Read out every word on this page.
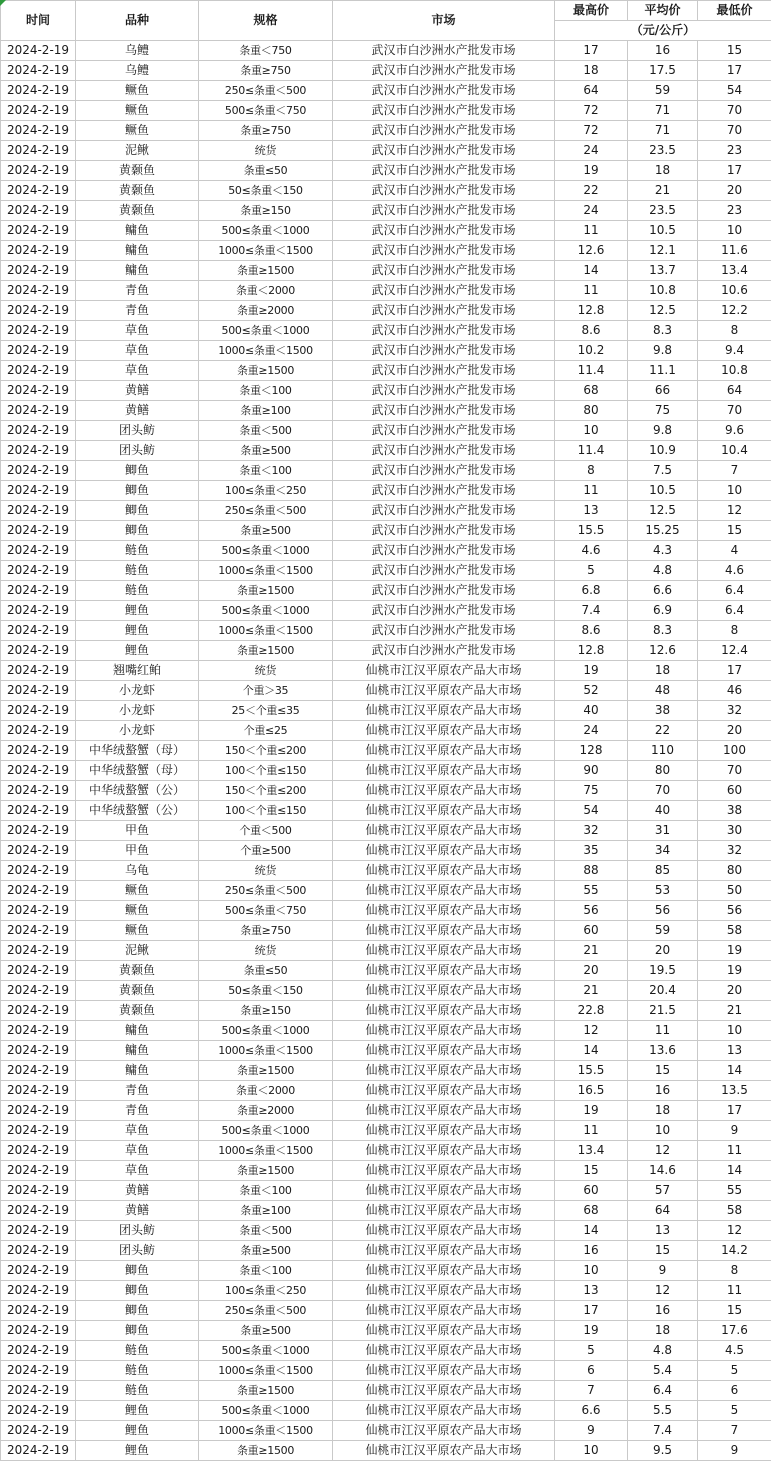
时间	品种	规格	市场	最高价	平均价	最低价
				（元/公斤）		
2024-2-19	乌鳢	条重＜750	武汉市白沙洲水产批发市场	17	16	15
2024-2-19	乌鳢	条重≥750	武汉市白沙洲水产批发市场	18	17.5	17
2024-2-19	鳜鱼	250≤条重＜500	武汉市白沙洲水产批发市场	64	59	54
2024-2-19	鳜鱼	500≤条重＜750	武汉市白沙洲水产批发市场	72	71	70
2024-2-19	鳜鱼	条重≥750	武汉市白沙洲水产批发市场	72	71	70
2024-2-19	泥鳅	统货	武汉市白沙洲水产批发市场	24	23.5	23
2024-2-19	黄颡鱼	条重≤50	武汉市白沙洲水产批发市场	19	18	17
2024-2-19	黄颡鱼	50≤条重＜150	武汉市白沙洲水产批发市场	22	21	20
2024-2-19	黄颡鱼	条重≥150	武汉市白沙洲水产批发市场	24	23.5	23
2024-2-19	鳙鱼	500≤条重＜1000	武汉市白沙洲水产批发市场	11	10.5	10
2024-2-19	鳙鱼	1000≤条重＜1500	武汉市白沙洲水产批发市场	12.6	12.1	11.6
2024-2-19	鳙鱼	条重≥1500	武汉市白沙洲水产批发市场	14	13.7	13.4
2024-2-19	青鱼	条重＜2000	武汉市白沙洲水产批发市场	11	10.8	10.6
2024-2-19	青鱼	条重≥2000	武汉市白沙洲水产批发市场	12.8	12.5	12.2
2024-2-19	草鱼	500≤条重＜1000	武汉市白沙洲水产批发市场	8.6	8.3	8
2024-2-19	草鱼	1000≤条重＜1500	武汉市白沙洲水产批发市场	10.2	9.8	9.4
2024-2-19	草鱼	条重≥1500	武汉市白沙洲水产批发市场	11.4	11.1	10.8
2024-2-19	黄鳝	条重＜100	武汉市白沙洲水产批发市场	68	66	64
2024-2-19	黄鳝	条重≥100	武汉市白沙洲水产批发市场	80	75	70
2024-2-19	团头鲂	条重＜500	武汉市白沙洲水产批发市场	10	9.8	9.6
2024-2-19	团头鲂	条重≥500	武汉市白沙洲水产批发市场	11.4	10.9	10.4
2024-2-19	鲫鱼	条重＜100	武汉市白沙洲水产批发市场	8	7.5	7
2024-2-19	鲫鱼	100≤条重＜250	武汉市白沙洲水产批发市场	11	10.5	10
2024-2-19	鲫鱼	250≤条重＜500	武汉市白沙洲水产批发市场	13	12.5	12
2024-2-19	鲫鱼	条重≥500	武汉市白沙洲水产批发市场	15.5	15.25	15
2024-2-19	鲢鱼	500≤条重＜1000	武汉市白沙洲水产批发市场	4.6	4.3	4
2024-2-19	鲢鱼	1000≤条重＜1500	武汉市白沙洲水产批发市场	5	4.8	4.6
2024-2-19	鲢鱼	条重≥1500	武汉市白沙洲水产批发市场	6.8	6.6	6.4
2024-2-19	鲤鱼	500≤条重＜1000	武汉市白沙洲水产批发市场	7.4	6.9	6.4
2024-2-19	鲤鱼	1000≤条重＜1500	武汉市白沙洲水产批发市场	8.6	8.3	8
2024-2-19	鲤鱼	条重≥1500	武汉市白沙洲水产批发市场	12.8	12.6	12.4
2024-2-19	翘嘴红鲌	统货	仙桃市江汉平原农产品大市场	19	18	17
2024-2-19	小龙虾	个重＞35	仙桃市江汉平原农产品大市场	52	48	46
2024-2-19	小龙虾	25＜个重≤35	仙桃市江汉平原农产品大市场	40	38	32
2024-2-19	小龙虾	个重≤25	仙桃市江汉平原农产品大市场	24	22	20
2024-2-19	中华绒螯蟹（母）	150＜个重≤200	仙桃市江汉平原农产品大市场	128	110	100
2024-2-19	中华绒螯蟹（母）	100＜个重≤150	仙桃市江汉平原农产品大市场	90	80	70
2024-2-19	中华绒螯蟹（公）	150＜个重≤200	仙桃市江汉平原农产品大市场	75	70	60
2024-2-19	中华绒螯蟹（公）	100＜个重≤150	仙桃市江汉平原农产品大市场	54	40	38
2024-2-19	甲鱼	个重＜500	仙桃市江汉平原农产品大市场	32	31	30
2024-2-19	甲鱼	个重≥500	仙桃市江汉平原农产品大市场	35	34	32
2024-2-19	乌龟	统货	仙桃市江汉平原农产品大市场	88	85	80
2024-2-19	鳜鱼	250≤条重＜500	仙桃市江汉平原农产品大市场	55	53	50
2024-2-19	鳜鱼	500≤条重＜750	仙桃市江汉平原农产品大市场	56	56	56
2024-2-19	鳜鱼	条重≥750	仙桃市江汉平原农产品大市场	60	59	58
2024-2-19	泥鳅	统货	仙桃市江汉平原农产品大市场	21	20	19
2024-2-19	黄颡鱼	条重≤50	仙桃市江汉平原农产品大市场	20	19.5	19
2024-2-19	黄颡鱼	50≤条重＜150	仙桃市江汉平原农产品大市场	21	20.4	20
2024-2-19	黄颡鱼	条重≥150	仙桃市江汉平原农产品大市场	22.8	21.5	21
2024-2-19	鳙鱼	500≤条重＜1000	仙桃市江汉平原农产品大市场	12	11	10
2024-2-19	鳙鱼	1000≤条重＜1500	仙桃市江汉平原农产品大市场	14	13.6	13
2024-2-19	鳙鱼	条重≥1500	仙桃市江汉平原农产品大市场	15.5	15	14
2024-2-19	青鱼	条重＜2000	仙桃市江汉平原农产品大市场	16.5	16	13.5
2024-2-19	青鱼	条重≥2000	仙桃市江汉平原农产品大市场	19	18	17
2024-2-19	草鱼	500≤条重＜1000	仙桃市江汉平原农产品大市场	11	10	9
2024-2-19	草鱼	1000≤条重＜1500	仙桃市江汉平原农产品大市场	13.4	12	11
2024-2-19	草鱼	条重≥1500	仙桃市江汉平原农产品大市场	15	14.6	14
2024-2-19	黄鳝	条重＜100	仙桃市江汉平原农产品大市场	60	57	55
2024-2-19	黄鳝	条重≥100	仙桃市江汉平原农产品大市场	68	64	58
2024-2-19	团头鲂	条重＜500	仙桃市江汉平原农产品大市场	14	13	12
2024-2-19	团头鲂	条重≥500	仙桃市江汉平原农产品大市场	16	15	14.2
2024-2-19	鲫鱼	条重＜100	仙桃市江汉平原农产品大市场	10	9	8
2024-2-19	鲫鱼	100≤条重＜250	仙桃市江汉平原农产品大市场	13	12	11
2024-2-19	鲫鱼	250≤条重＜500	仙桃市江汉平原农产品大市场	17	16	15
2024-2-19	鲫鱼	条重≥500	仙桃市江汉平原农产品大市场	19	18	17.6
2024-2-19	鲢鱼	500≤条重＜1000	仙桃市江汉平原农产品大市场	5	4.8	4.5
2024-2-19	鲢鱼	1000≤条重＜1500	仙桃市江汉平原农产品大市场	6	5.4	5
2024-2-19	鲢鱼	条重≥1500	仙桃市江汉平原农产品大市场	7	6.4	6
2024-2-19	鲤鱼	500≤条重＜1000	仙桃市江汉平原农产品大市场	6.6	5.5	5
2024-2-19	鲤鱼	1000≤条重＜1500	仙桃市江汉平原农产品大市场	9	7.4	7
2024-2-19	鲤鱼	条重≥1500	仙桃市江汉平原农产品大市场	10	9.5	9
